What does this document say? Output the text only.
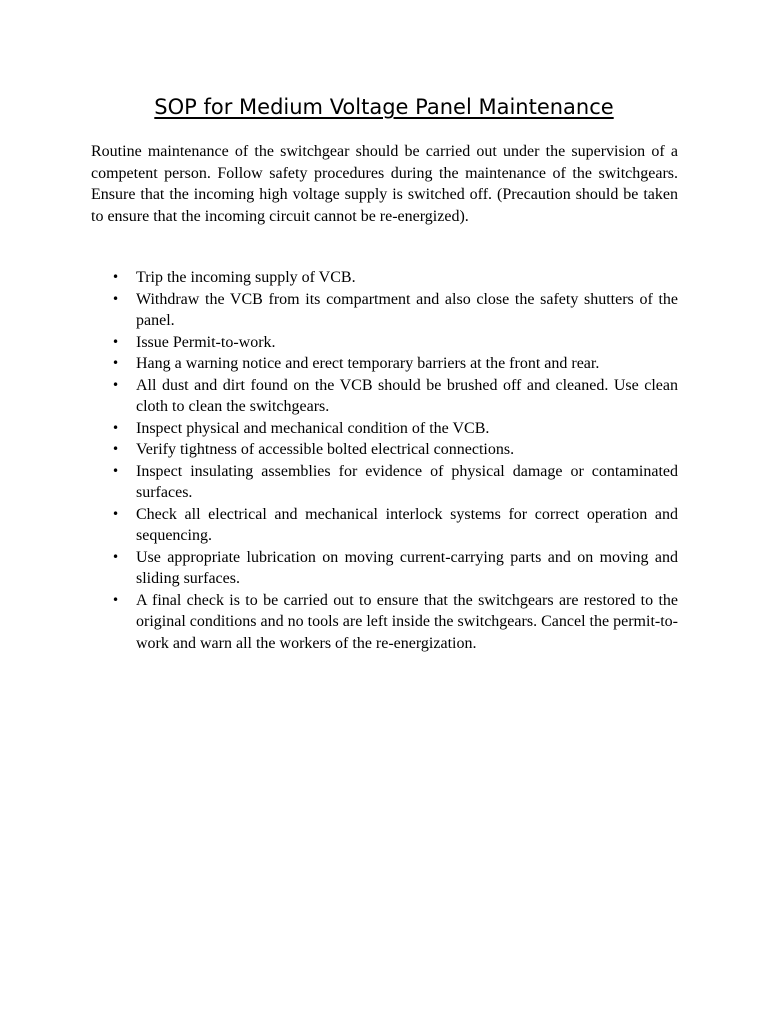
SOP for Medium Voltage Panel Maintenance

Routine maintenance of the switchgear should be carried out under the supervision of a competent person. Follow safety procedures during the maintenance of the switchgears. Ensure that the incoming high voltage supply is switched off. (Precaution should be taken to ensure that the incoming circuit cannot be re-energized).

• Trip the incoming supply of VCB.
• Withdraw the VCB from its compartment and also close the safety shutters of the panel.
• Issue Permit-to-work.
• Hang a warning notice and erect temporary barriers at the front and rear.
• All dust and dirt found on the VCB should be brushed off and cleaned. Use clean cloth to clean the switchgears.
• Inspect physical and mechanical condition of the VCB.
• Verify tightness of accessible bolted electrical connections.
• Inspect insulating assemblies for evidence of physical damage or contaminated surfaces.
• Check all electrical and mechanical interlock systems for correct operation and sequencing.
• Use appropriate lubrication on moving current-carrying parts and on moving and sliding surfaces.
• A final check is to be carried out to ensure that the switchgears are restored to the original conditions and no tools are left inside the switchgears. Cancel the permit-to-work and warn all the workers of the re-energization.
